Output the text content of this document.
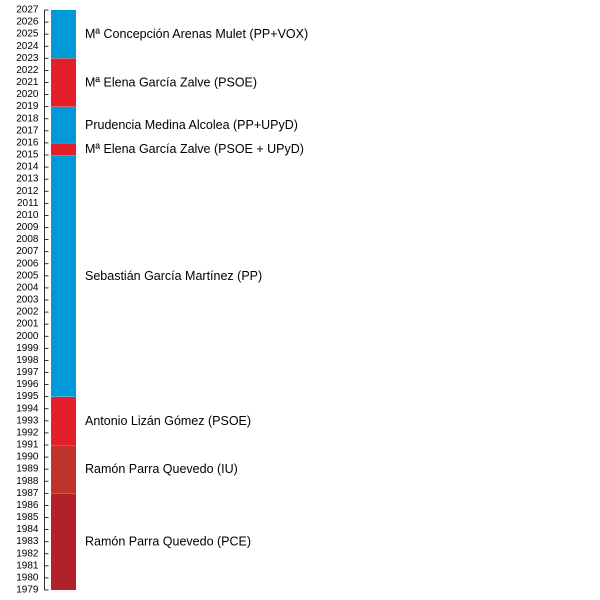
1979
1980
1981
1982
1983
1984
1985
1986
1987
1988
1989
1990
1991
1992
1993
1994
1995
1996
1997
1998
1999
2000
2001
2002
2003
2004
2005
2006
2007
2008
2009
2010
2011
2012
2013
2014
2015
2016
2017
2018
2019
2020
2021
2022
2023
2024
2025
2026
2027
Ramón Parra Quevedo (PCE)
Ramón Parra Quevedo (IU)
Antonio Lizán Gómez (PSOE)
Sebastián García Martínez (PP)
Mª Elena García Zalve (PSOE + UPyD)
Prudencia Medina Alcolea (PP+UPyD)
Mª Elena García Zalve (PSOE)
Mª Concepción Arenas Mulet (PP+VOX)
